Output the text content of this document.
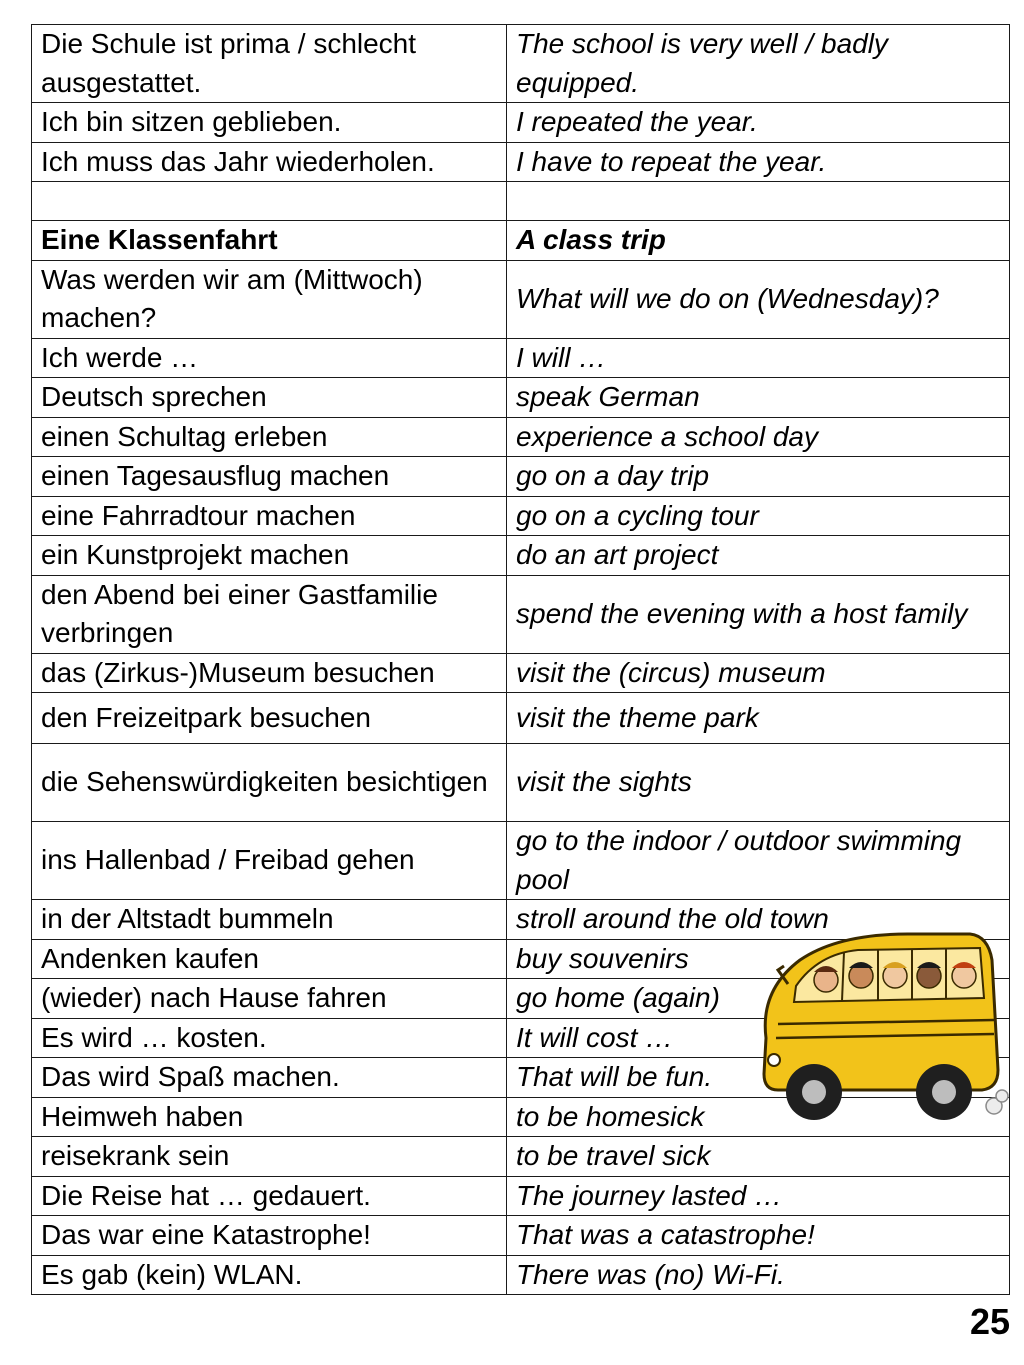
Die Schule ist prima / schlecht ausgestattet.	The school is very well / badly equipped.
Ich bin sitzen geblieben.	I repeated the year.
Ich muss das Jahr wiederholen.	I have to repeat the year.

Eine Klassenfahrt	A class trip
Was werden wir am (Mittwoch) machen?	What will we do on (Wednesday)?
Ich werde …	I will …
Deutsch sprechen	speak German
einen Schultag erleben	experience a school day
einen Tagesausflug machen	go on a day trip
eine Fahrradtour machen	go on a cycling tour
ein Kunstprojekt machen	do an art project
den Abend bei einer Gastfamilie verbringen	spend the evening with a host family
das (Zirkus-)Museum besuchen	visit the (circus) museum
den Freizeitpark besuchen	visit the theme park
die Sehenswürdigkeiten besichtigen	visit the sights
ins Hallenbad / Freibad gehen	go to the indoor / outdoor swimming pool
in der Altstadt bummeln	stroll around the old town
Andenken kaufen	buy souvenirs
(wieder) nach Hause fahren	go home (again)
Es wird … kosten.	It will cost …
Das wird Spaß machen.	That will be fun.
Heimweh haben	to be homesick
reisekrank sein	to be travel sick
Die Reise hat … gedauert.	The journey lasted …
Das war eine Katastrophe!	That was a catastrophe!
Es gab (kein) WLAN.	There was (no) Wi-Fi.
25
